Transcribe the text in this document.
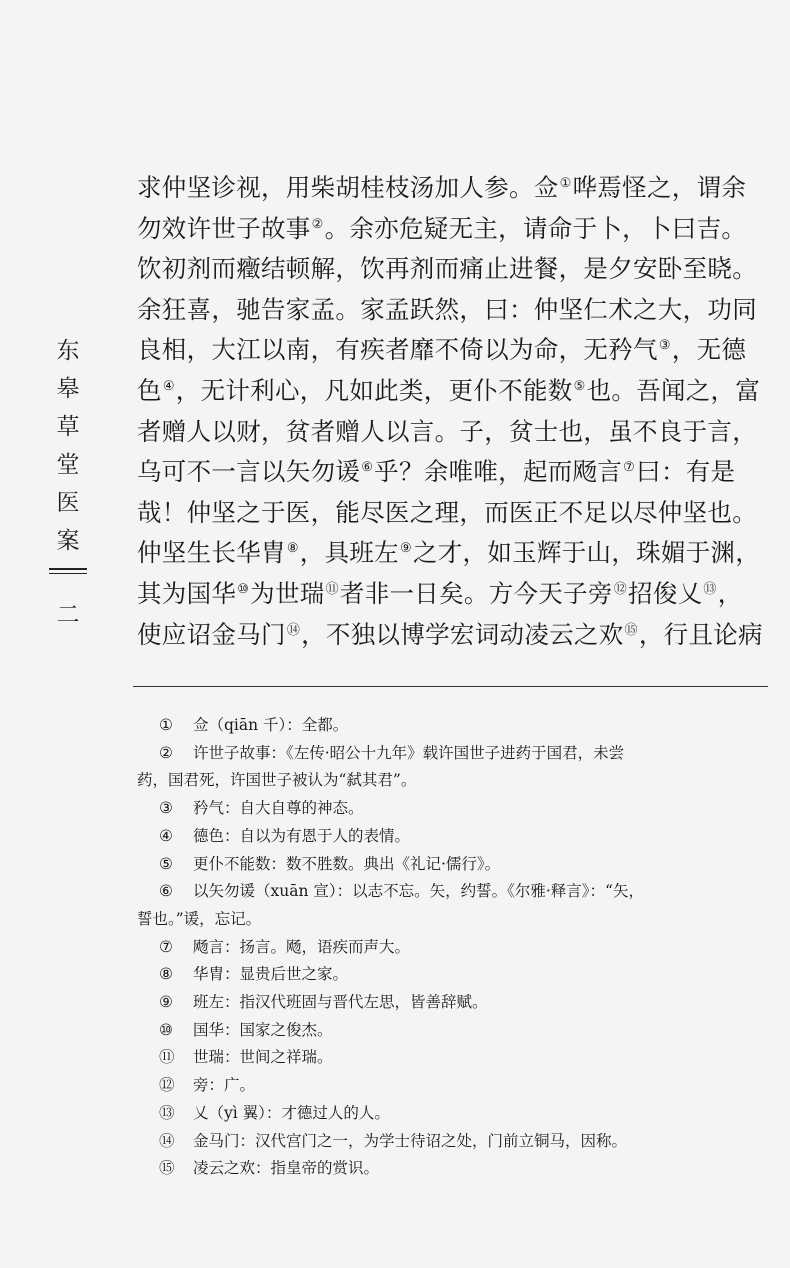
东
皋
草
堂
医
案
二
求仲坚诊视，用柴胡桂枝汤加人参。佥①哗焉怪之，谓余
勿效许世子故事②。余亦危疑无主，请命于卜，卜曰吉。
饮初剂而癥结顿解，饮再剂而痛止进餐，是夕安卧至晓。
余狂喜，驰告家孟。家孟跃然，曰：仲坚仁术之大，功同
良相，大江以南，有疾者靡不倚以为命，无矜气③，无德
色④，无计利心，凡如此类，更仆不能数⑤也。吾闻之，富
者赠人以财，贫者赠人以言。子，贫士也，虽不良于言，
乌可不一言以矢勿谖⑥乎？余唯唯，起而飏言⑦曰：有是
哉！仲坚之于医，能尽医之理，而医正不足以尽仲坚也。
仲坚生长华胄⑧，具班左⑨之才，如玉辉于山，珠媚于渊，
其为国华⑩为世瑞⑪者非一日矣。方今天子旁⑫招俊乂⑬，
使应诏金马门⑭，不独以博学宏词动凌云之欢⑮，行且论病
① 佥（qiān 千）：全都。
② 许世子故事：《左传·昭公十九年》载许国世子进药于国君，未尝
药，国君死，许国世子被认为“弑其君”。
③ 矜气：自大自尊的神态。
④ 德色：自以为有恩于人的表情。
⑤ 更仆不能数：数不胜数。典出《礼记·儒行》。
⑥ 以矢勿谖（xuān 宣）：以志不忘。矢，约誓。《尔雅·释言》：“矢，
誓也。”谖，忘记。
⑦ 飏言：扬言。飏，语疾而声大。
⑧ 华胄：显贵后世之家。
⑨ 班左：指汉代班固与晋代左思，皆善辞赋。
⑩ 国华：国家之俊杰。
⑪ 世瑞：世间之祥瑞。
⑫ 旁：广。
⑬ 乂（yì 翼）：才德过人的人。
⑭ 金马门：汉代宫门之一，为学士待诏之处，门前立铜马，因称。
⑮ 凌云之欢：指皇帝的赏识。
